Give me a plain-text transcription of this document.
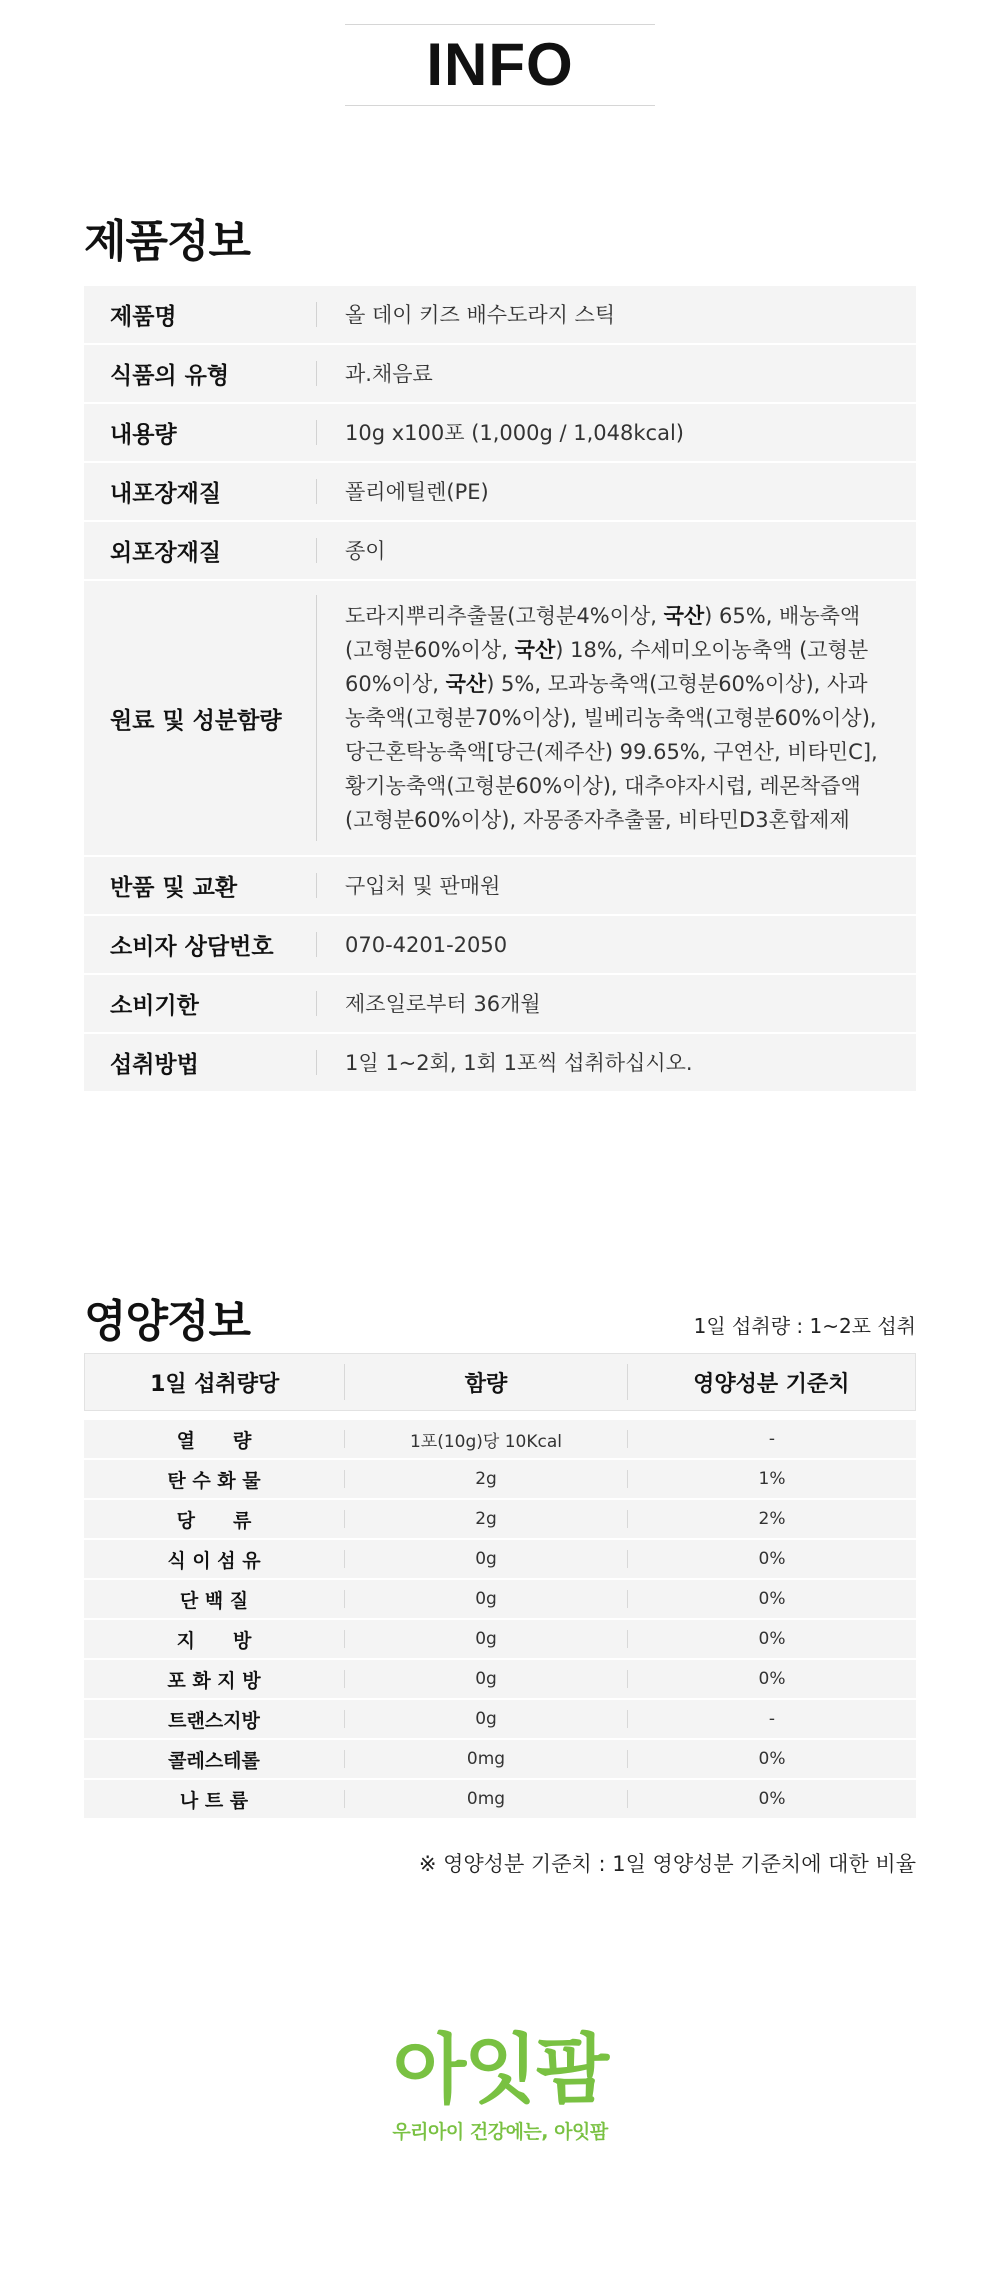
INFO
제품정보
제품명	올 데이 키즈 배수도라지 스틱
식품의 유형	과.채음료
내용량	10g x100포 (1,000g / 1,048kcal)
내포장재질	폴리에틸렌(PE)
외포장재질	종이
원료 및 성분함량
도라지뿌리추출물(고형분4%이상, 국산) 65%, 배농축액
(고형분60%이상, 국산) 18%, 수세미오이농축액 (고형분
60%이상, 국산) 5%, 모과농축액(고형분60%이상), 사과
농축액(고형분70%이상), 빌베리농축액(고형분60%이상),
당근혼탁농축액[당근(제주산) 99.65%, 구연산, 비타민C],
황기농축액(고형분60%이상), 대추야자시럽, 레몬착즙액
(고형분60%이상), 자몽종자추출물, 비타민D3혼합제제
반품 및 교환	구입처 및 판매원
소비자 상담번호	070-4201-2050
소비기한	제조일로부터 36개월
섭취방법	1일 1~2회, 1회 1포씩 섭취하십시오.
영양정보	1일 섭취량 : 1~2포 섭취
1일 섭취량당	함량	영양성분 기준치
열　　량	1포(10g)당 10Kcal	-
탄 수 화 물	2g	1%
당　　류	2g	2%
식 이 섬 유	0g	0%
단 백 질	0g	0%
지　　방	0g	0%
포 화 지 방	0g	0%
트랜스지방	0g	-
콜레스테롤	0mg	0%
나 트 륨	0mg	0%
※ 영양성분 기준치 : 1일 영양성분 기준치에 대한 비율
아잇팜
우리아이 건강에는, 아잇팜
